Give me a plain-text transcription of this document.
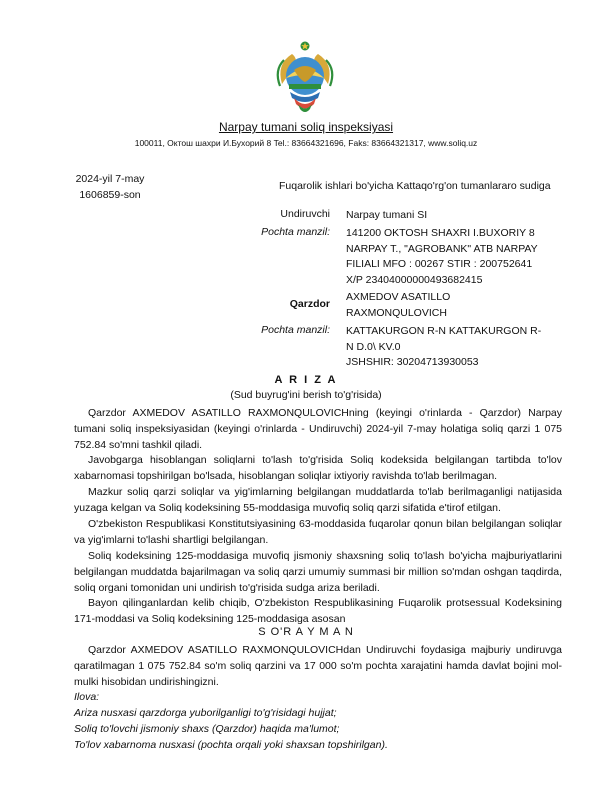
Narpay tumani soliq inspeksiyasi
100011, Октош шахри И.Бухорий 8 Tel.: 83664321696, Faks: 83664321317, www.soliq.uz
2024-yil 7-may
1606859-son
Fuqarolik ishlari bo'yicha Kattaqo'rg'on tumanlararo sudiga
Undiruvchi Narpay tumani SI
Pochta manzil: 141200 OKTOSH SHAXRI I.BUXORIY 8
NARPAY T., "AGROBANK" ATB NARPAY
FILIALI MFO : 00267 STIR : 200752641
X/P 23404000000493682415
Qarzdor
AXMEDOV ASATILLO
RAXMONQULOVICH
Pochta manzil: KATTAKURGON R-N KATTAKURGON R-
N D.0\ KV.0
JSHSHIR: 30204713930053
A R I Z A
(Sud buyrug'ini berish to'g'risida)

Qarzdor AXMEDOV ASATILLO RAXMONQULOVICHning (keyingi o'rinlarda - Qarzdor) Narpay tumani soliq inspeksiyasidan (keyingi o'rinlarda - Undiruvchi) 2024-yil 7-may holatiga soliq qarzi 1 075 752.84 so'mni tashkil qiladi.

Javobgarga hisoblangan soliqlarni to'lash to'g'risida Soliq kodeksida belgilangan tartibda to'lov xabarnomasi topshirilgan bo'lsada, hisoblangan soliqlar ixtiyoriy ravishda to'lab berilmagan.

Mazkur soliq qarzi soliqlar va yig'imlarning belgilangan muddatlarda to'lab berilmaganligi natijasida yuzaga kelgan va Soliq kodeksining 55-moddasiga muvofiq soliq qarzi sifatida e'tirof etilgan.

O'zbekiston Respublikasi Konstitutsiyasining 63-moddasida fuqarolar qonun bilan belgilangan soliqlar va yig'imlarni to'lashi shartligi belgilangan.

Soliq kodeksining 125-moddasiga muvofiq jismoniy shaxsning soliq to'lash bo'yicha majburiyatlarini belgilangan muddatda bajarilmagan va soliq qarzi umumiy summasi bir million so'mdan oshgan taqdirda, soliq organi tomonidan uni undirish to'g'risida sudga ariza beriladi.

Bayon qilinganlardan kelib chiqib, O'zbekiston Respublikasining Fuqarolik protsessual Kodeksining 171-moddasi va Soliq kodeksining 125-moddasiga asosan

S O'R A Y M A N

Qarzdor AXMEDOV ASATILLO RAXMONQULOVICHdan Undiruvchi foydasiga majburiy undiruvga qaratilmagan 1 075 752.84 so'm soliq qarzini va 17 000 so'm pochta xarajatini hamda davlat bojini mol-mulki hisobidan undirishingizni.

Ilova:
Ariza nusxasi qarzdorga yuborilganligi to'g'risidagi hujjat;
Soliq to'lovchi jismoniy shaxs (Qarzdor) haqida ma'lumot;
To'lov xabarnoma nusxasi (pochta orqali yoki shaxsan topshirilgan).
